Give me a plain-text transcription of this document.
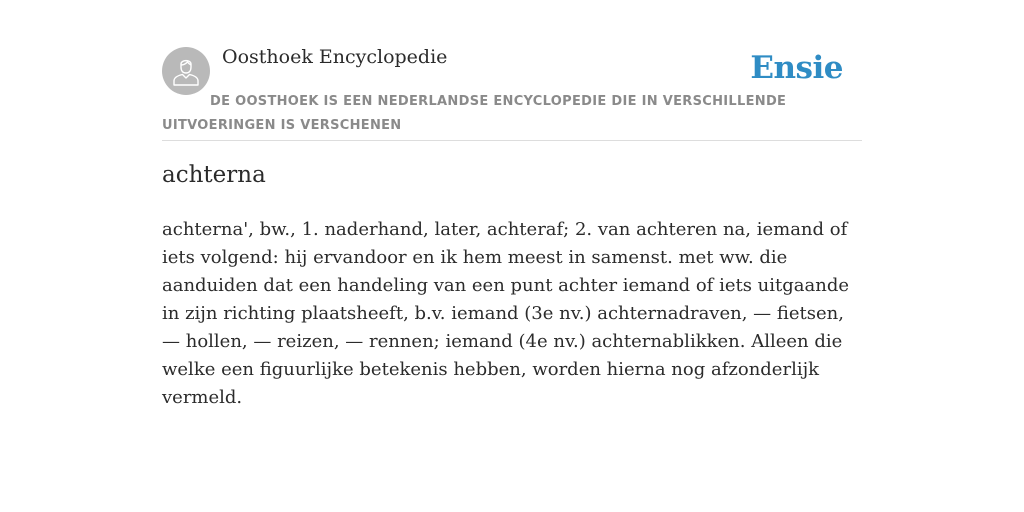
Oosthoek Encyclopedie	Ensie
DE OOSTHOEK IS EEN NEDERLANDSE ENCYCLOPEDIE DIE IN VERSCHILLENDE UITVOERINGEN IS VERSCHENEN
achterna

achterna', bw., 1. naderhand, later, achteraf; 2. van achteren na, iemand of iets volgend: hij ervandoor en ik hem meest in samenst. met ww. die aanduiden dat een handeling van een punt achter iemand of iets uitgaande in zijn richting plaatsheeft, b.v. iemand (3e nv.) achternadraven, — fietsen, — hollen, — reizen, — rennen; iemand (4e nv.) achternablikken. Alleen die welke een figuurlijke betekenis hebben, worden hierna nog afzonderlijk vermeld.
